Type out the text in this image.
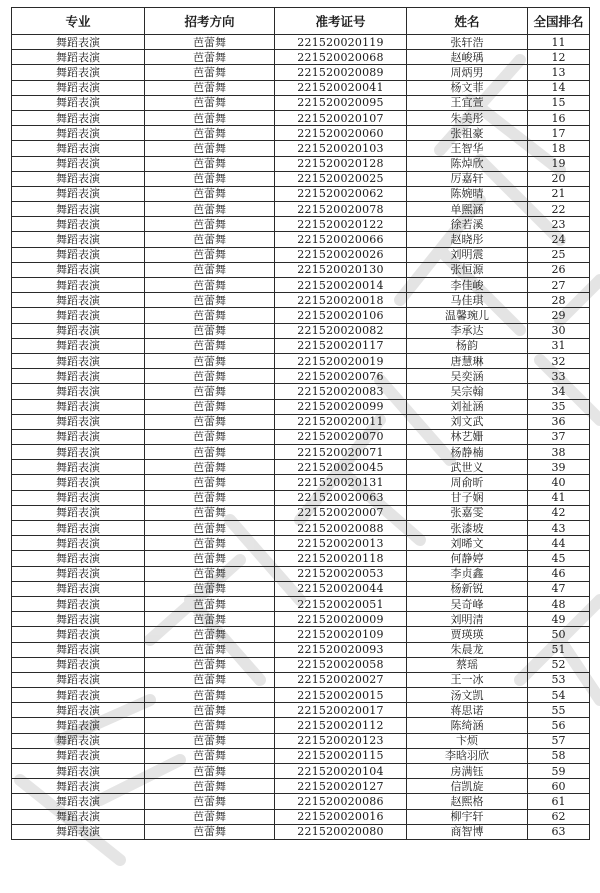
专业	招考方向	准考证号	姓名	全国排名
舞蹈表演	芭蕾舞	221520020119	张轩浩	11
舞蹈表演	芭蕾舞	221520020068	赵峻瑀	12
舞蹈表演	芭蕾舞	221520020089	周炳男	13
舞蹈表演	芭蕾舞	221520020041	杨文菲	14
舞蹈表演	芭蕾舞	221520020095	王宜萱	15
舞蹈表演	芭蕾舞	221520020107	朱美彤	16
舞蹈表演	芭蕾舞	221520020060	张祖豪	17
舞蹈表演	芭蕾舞	221520020103	王智华	18
舞蹈表演	芭蕾舞	221520020128	陈焯欣	19
舞蹈表演	芭蕾舞	221520020025	厉嘉轩	20
舞蹈表演	芭蕾舞	221520020062	陈婉晴	21
舞蹈表演	芭蕾舞	221520020078	单熙涵	22
舞蹈表演	芭蕾舞	221520020122	徐若溪	23
舞蹈表演	芭蕾舞	221520020066	赵晓彤	24
舞蹈表演	芭蕾舞	221520020026	刘明震	25
舞蹈表演	芭蕾舞	221520020130	张恒源	26
舞蹈表演	芭蕾舞	221520020014	李佳峻	27
舞蹈表演	芭蕾舞	221520020018	马佳琪	28
舞蹈表演	芭蕾舞	221520020106	温馨琬儿	29
舞蹈表演	芭蕾舞	221520020082	李承达	30
舞蹈表演	芭蕾舞	221520020117	杨韵	31
舞蹈表演	芭蕾舞	221520020019	唐慧琳	32
舞蹈表演	芭蕾舞	221520020076	吴奕涵	33
舞蹈表演	芭蕾舞	221520020083	吴宗翰	34
舞蹈表演	芭蕾舞	221520020099	刘祉涵	35
舞蹈表演	芭蕾舞	221520020011	刘文武	36
舞蹈表演	芭蕾舞	221520020070	林艺姗	37
舞蹈表演	芭蕾舞	221520020071	杨静楠	38
舞蹈表演	芭蕾舞	221520020045	武世义	39
舞蹈表演	芭蕾舞	221520020131	周俞昕	40
舞蹈表演	芭蕾舞	221520020063	甘子娴	41
舞蹈表演	芭蕾舞	221520020007	张嘉雯	42
舞蹈表演	芭蕾舞	221520020088	张漆坡	43
舞蹈表演	芭蕾舞	221520020013	刘晞文	44
舞蹈表演	芭蕾舞	221520020118	何静婷	45
舞蹈表演	芭蕾舞	221520020053	李贞鑫	46
舞蹈表演	芭蕾舞	221520020044	杨新锐	47
舞蹈表演	芭蕾舞	221520020051	吴奇峰	48
舞蹈表演	芭蕾舞	221520020009	刘明清	49
舞蹈表演	芭蕾舞	221520020109	贾瑛瑛	50
舞蹈表演	芭蕾舞	221520020093	朱晨龙	51
舞蹈表演	芭蕾舞	221520020058	蔡瑶	52
舞蹈表演	芭蕾舞	221520020027	王一冰	53
舞蹈表演	芭蕾舞	221520020015	汤文凯	54
舞蹈表演	芭蕾舞	221520020017	蒋思诺	55
舞蹈表演	芭蕾舞	221520020112	陈绮涵	56
舞蹈表演	芭蕾舞	221520020123	卞烦	57
舞蹈表演	芭蕾舞	221520020115	李晗羽欣	58
舞蹈表演	芭蕾舞	221520020104	房满钰	59
舞蹈表演	芭蕾舞	221520020127	信凯旋	60
舞蹈表演	芭蕾舞	221520020086	赵熙格	61
舞蹈表演	芭蕾舞	221520020016	柳宇轩	62
舞蹈表演	芭蕾舞	221520020080	商智博	63
